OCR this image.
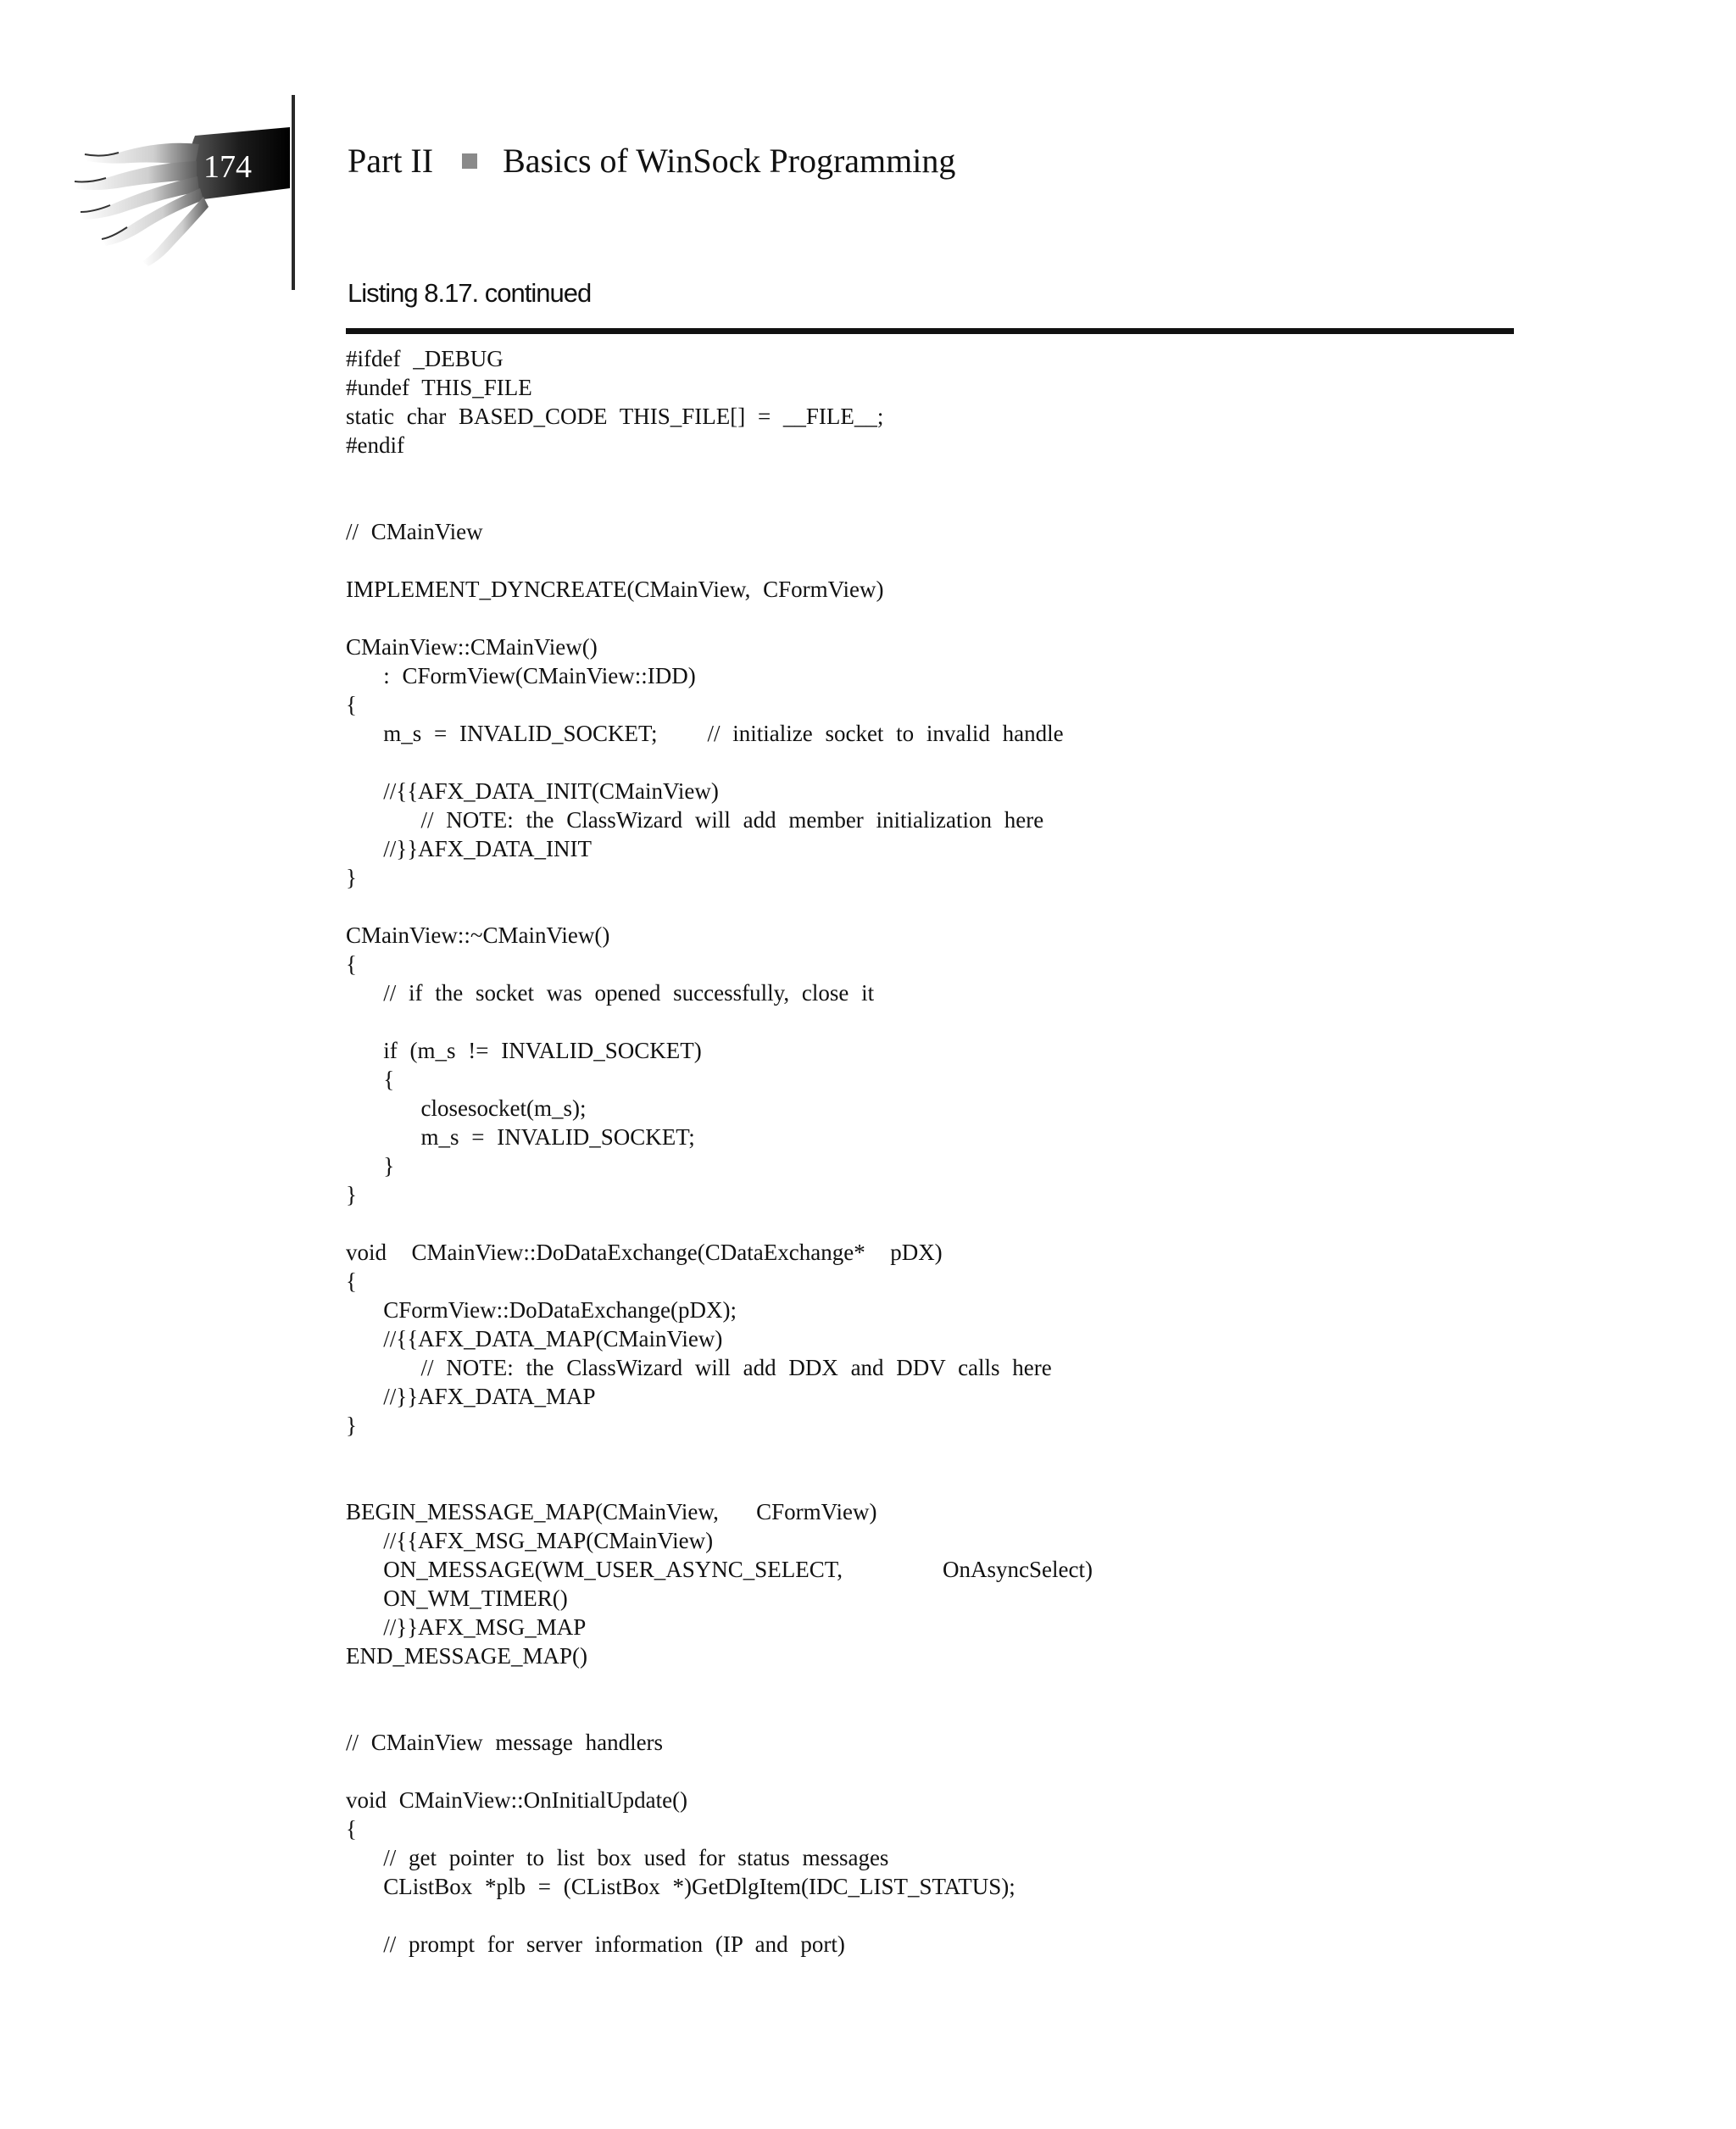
174	Part II Basics of WinSock Programming
Listing 8.17. continued
#ifdef _DEBUG
#undef THIS_FILE
static char BASED_CODE THIS_FILE[] = __FILE__;
#endif
// CMainView
IMPLEMENT_DYNCREATE(CMainView, CFormView)
CMainView::CMainView()
: CFormView(CMainView::IDD)
{
m_s = INVALID_SOCKET;    // initialize socket to invalid handle
//{{AFX_DATA_INIT(CMainView)
// NOTE: the ClassWizard will add member initialization here
//}}AFX_DATA_INIT
}
CMainView::~CMainView()
{
// if the socket was opened successfully, close it
if (m_s != INVALID_SOCKET)
{
closesocket(m_s);
m_s = INVALID_SOCKET;
}
}
void  CMainView::DoDataExchange(CDataExchange*  pDX)
{
CFormView::DoDataExchange(pDX);
//{{AFX_DATA_MAP(CMainView)
// NOTE: the ClassWizard will add DDX and DDV calls here
//}}AFX_DATA_MAP
}
BEGIN_MESSAGE_MAP(CMainView,   CFormView)
//{{AFX_MSG_MAP(CMainView)
ON_MESSAGE(WM_USER_ASYNC_SELECT,        OnAsyncSelect)
ON_WM_TIMER()
//}}AFX_MSG_MAP
END_MESSAGE_MAP()
// CMainView message handlers
void CMainView::OnInitialUpdate()
{
// get pointer to list box used for status messages
CListBox *plb = (CListBox *)GetDlgItem(IDC_LIST_STATUS);
// prompt for server information (IP and port)
